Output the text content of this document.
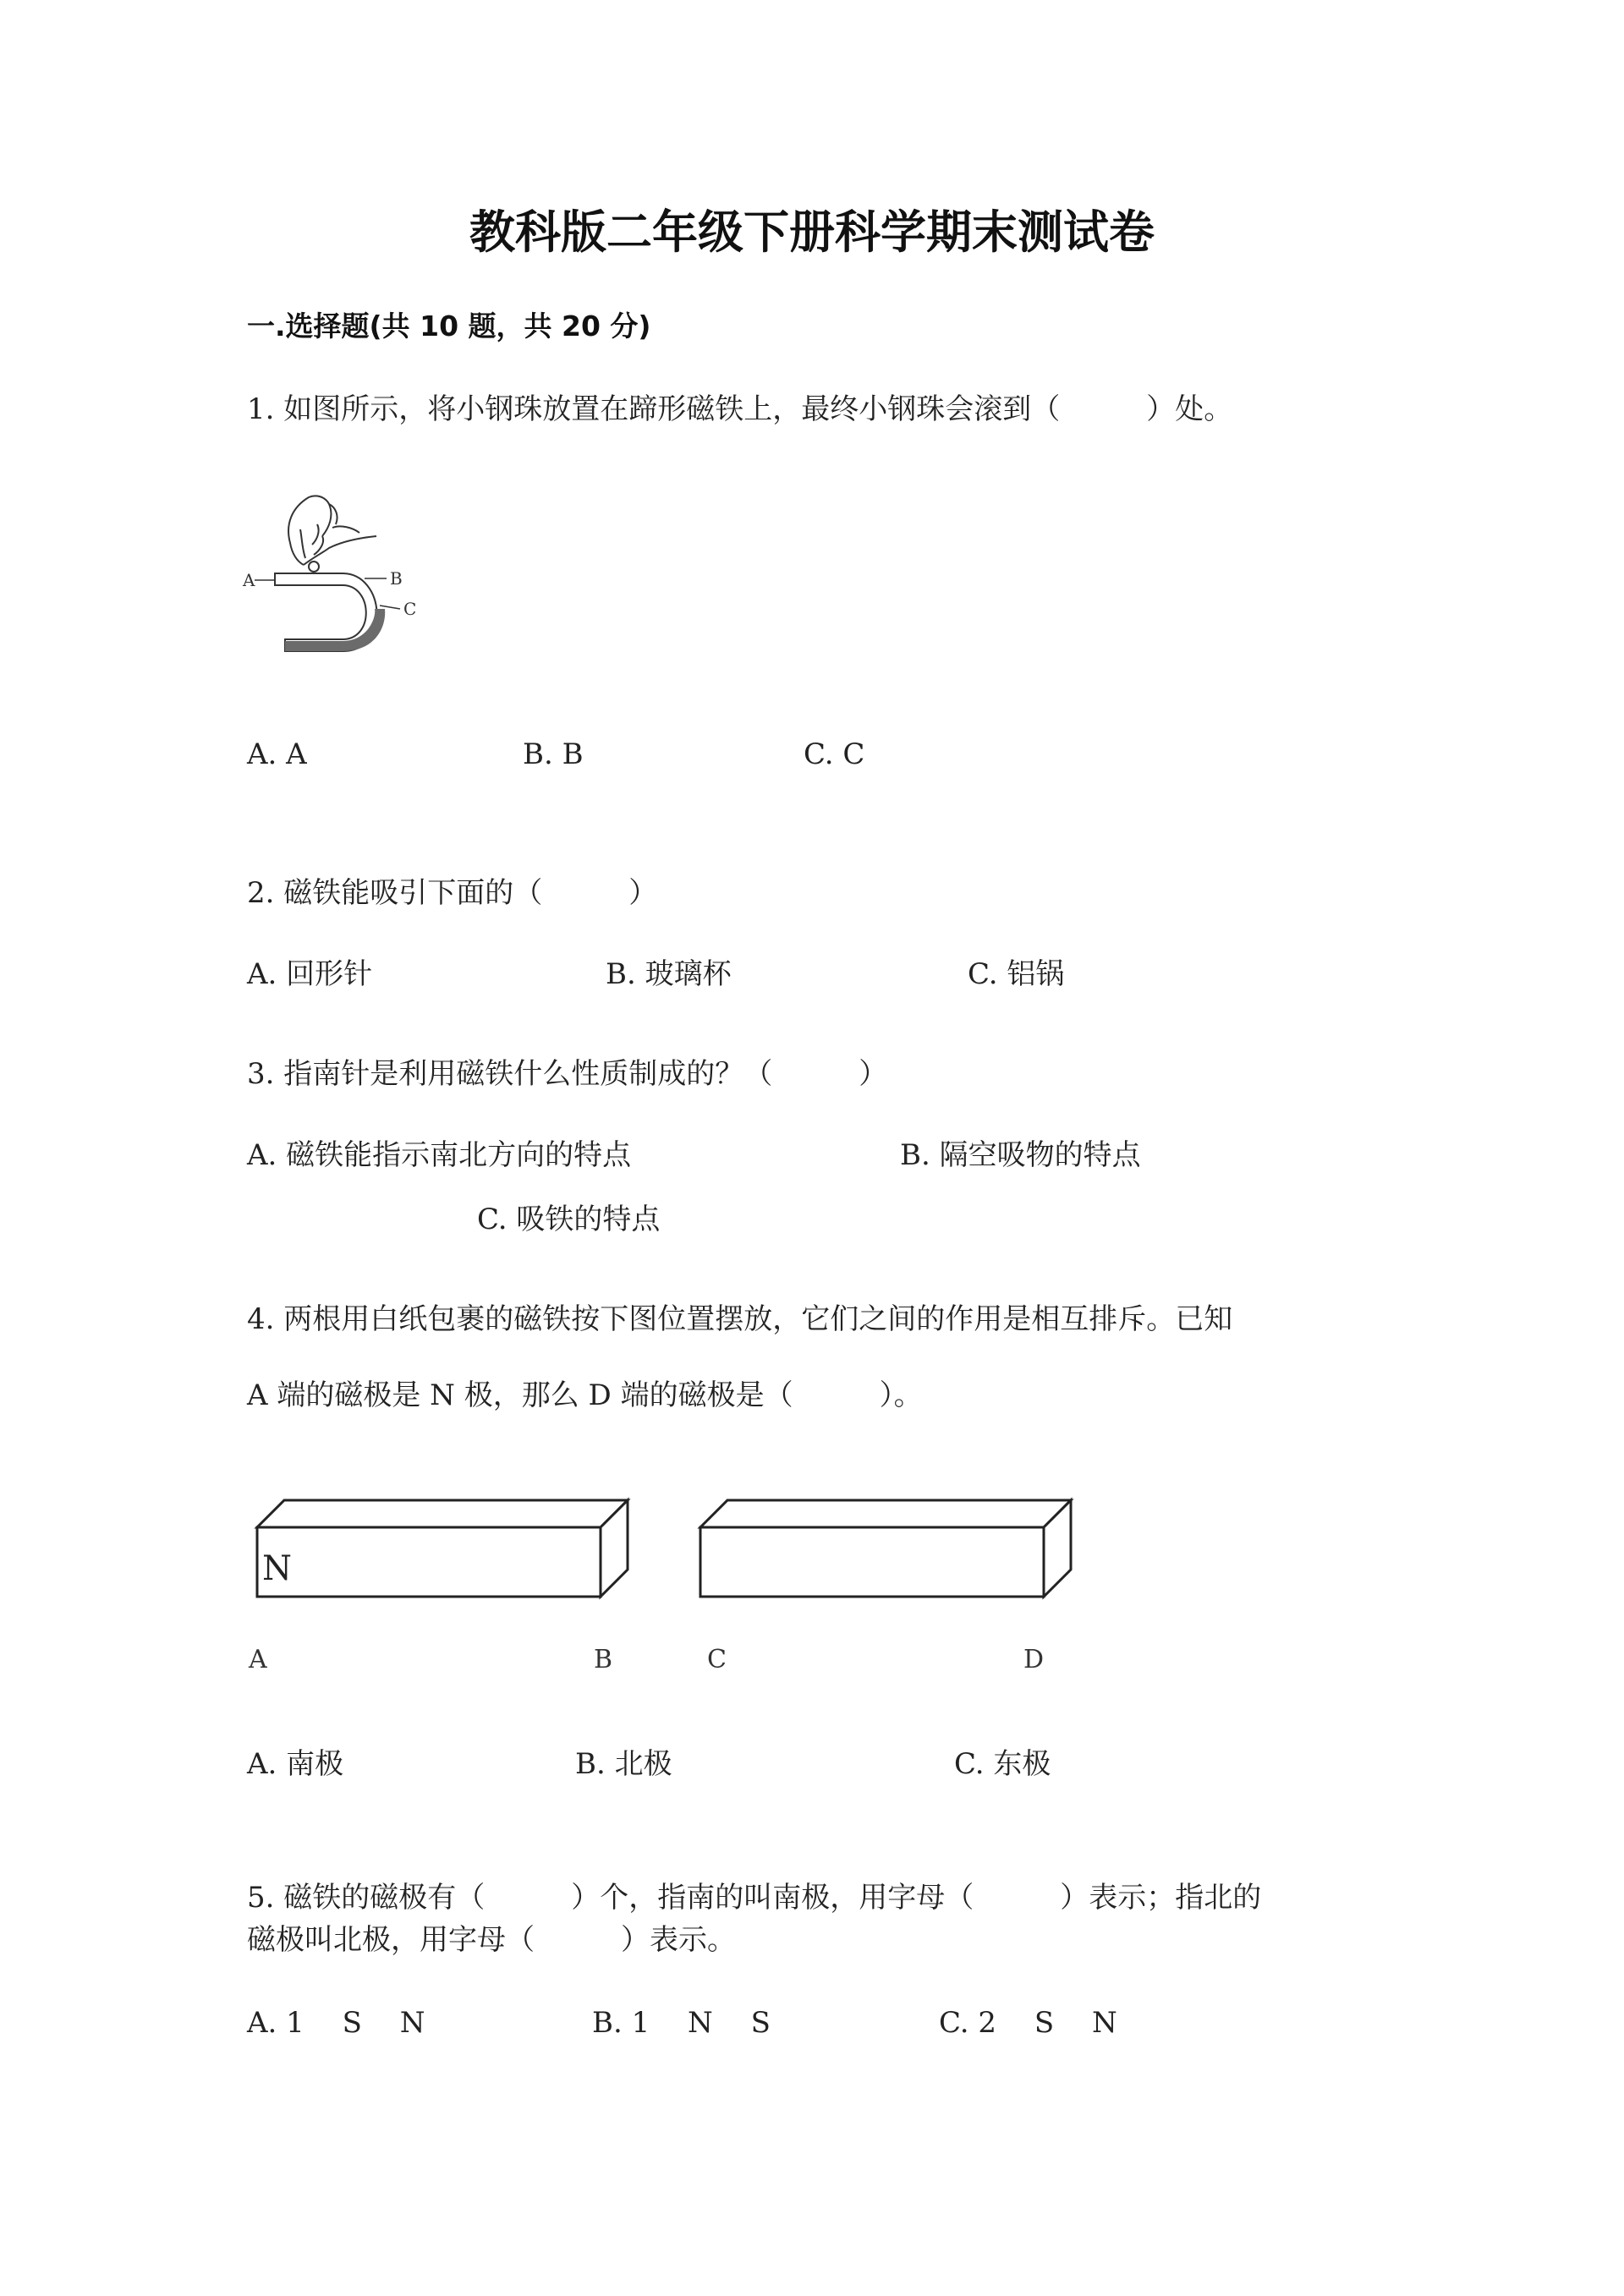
教科版二年级下册科学期末测试卷
一.选择题(共 10 题，共 20 分)
1. 如图所示，将小钢珠放置在蹄形磁铁上，最终小钢珠会滚到（　　　）处。
A	B
C
A. A	B. B	C. C
2. 磁铁能吸引下面的（　　　）
A. 回形针	B. 玻璃杯	C. 铝锅
3. 指南针是利用磁铁什么性质制成的？（　　　）
A. 磁铁能指示南北方向的特点	B. 隔空吸物的特点
C. 吸铁的特点
4. 两根用白纸包裹的磁铁按下图位置摆放，它们之间的作用是相互排斥。已知
A 端的磁极是 N 极，那么 D 端的磁极是（　　　）。
N
A	B	C	D
A. 南极	B. 北极	C. 东极
5. 磁铁的磁极有（　　　）个，指南的叫南极，用字母（　　　）表示；指北的
磁极叫北极，用字母（　　　）表示。
A. 1　 S　 N	B. 1　 N　 S	C. 2　 S　 N
